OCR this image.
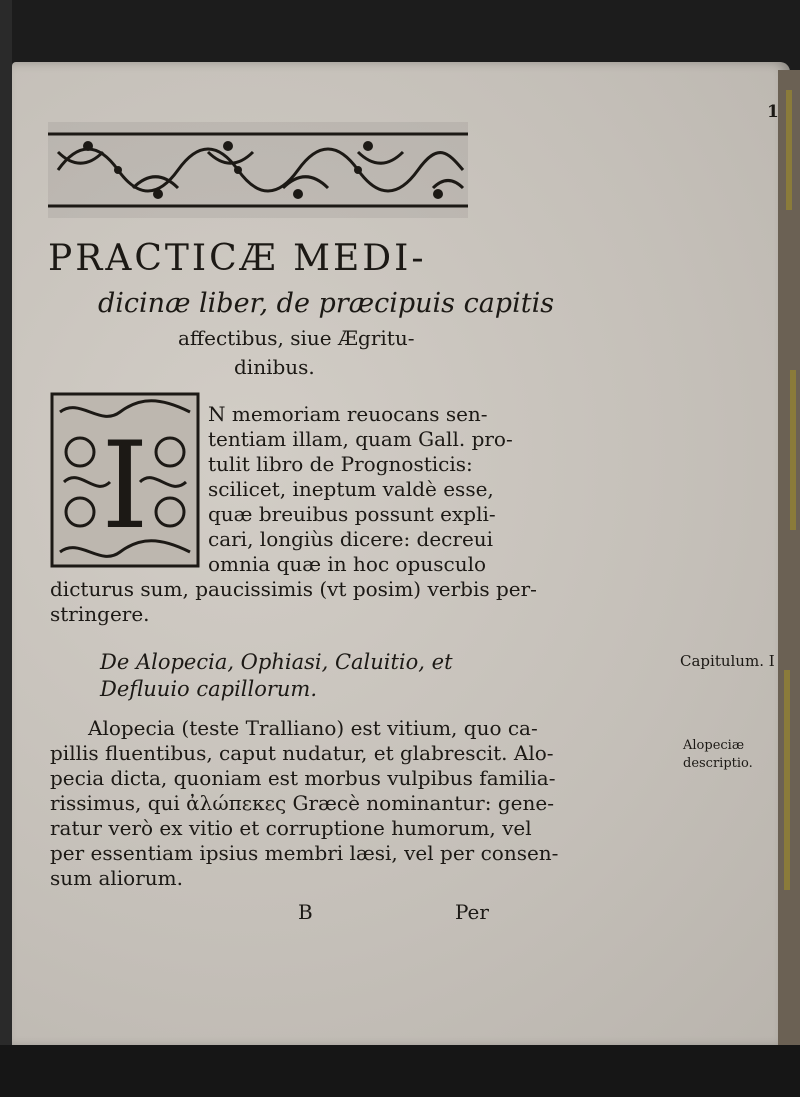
1
PRACTICÆ MEDI-
dicinæ liber, de præcipuis capitis
affectibus, siue Ægritu-
dinibus.
I
N memoriam reuocans sen-
tentiam illam, quam Gall. pro-
tulit libro de Prognosticis:
scilicet, ineptum valdè esse,
quæ breuibus possunt expli-
cari, longiùs dicere: decreui
omnia quæ in hoc opusculo
dicturus sum, paucissimis (vt posim) verbis per-
stringere.
De Alopecia, Ophiasi, Caluitio, et
Defluuio capillorum.
Capitulum. I
Alopeciæ
descriptio.
Alopecia (teste Tralliano) est vitium, quo ca-
pillis fluentibus, caput nudatur, et glabrescit. Alo-
pecia dicta, quoniam est morbus vulpibus familia-
rissimus, qui ἀλώπεκες Græcè nominantur: gene-
ratur verò ex vitio et corruptione humorum, vel
per essentiam ipsius membri læsi, vel per consen-
sum aliorum.
B	Per
